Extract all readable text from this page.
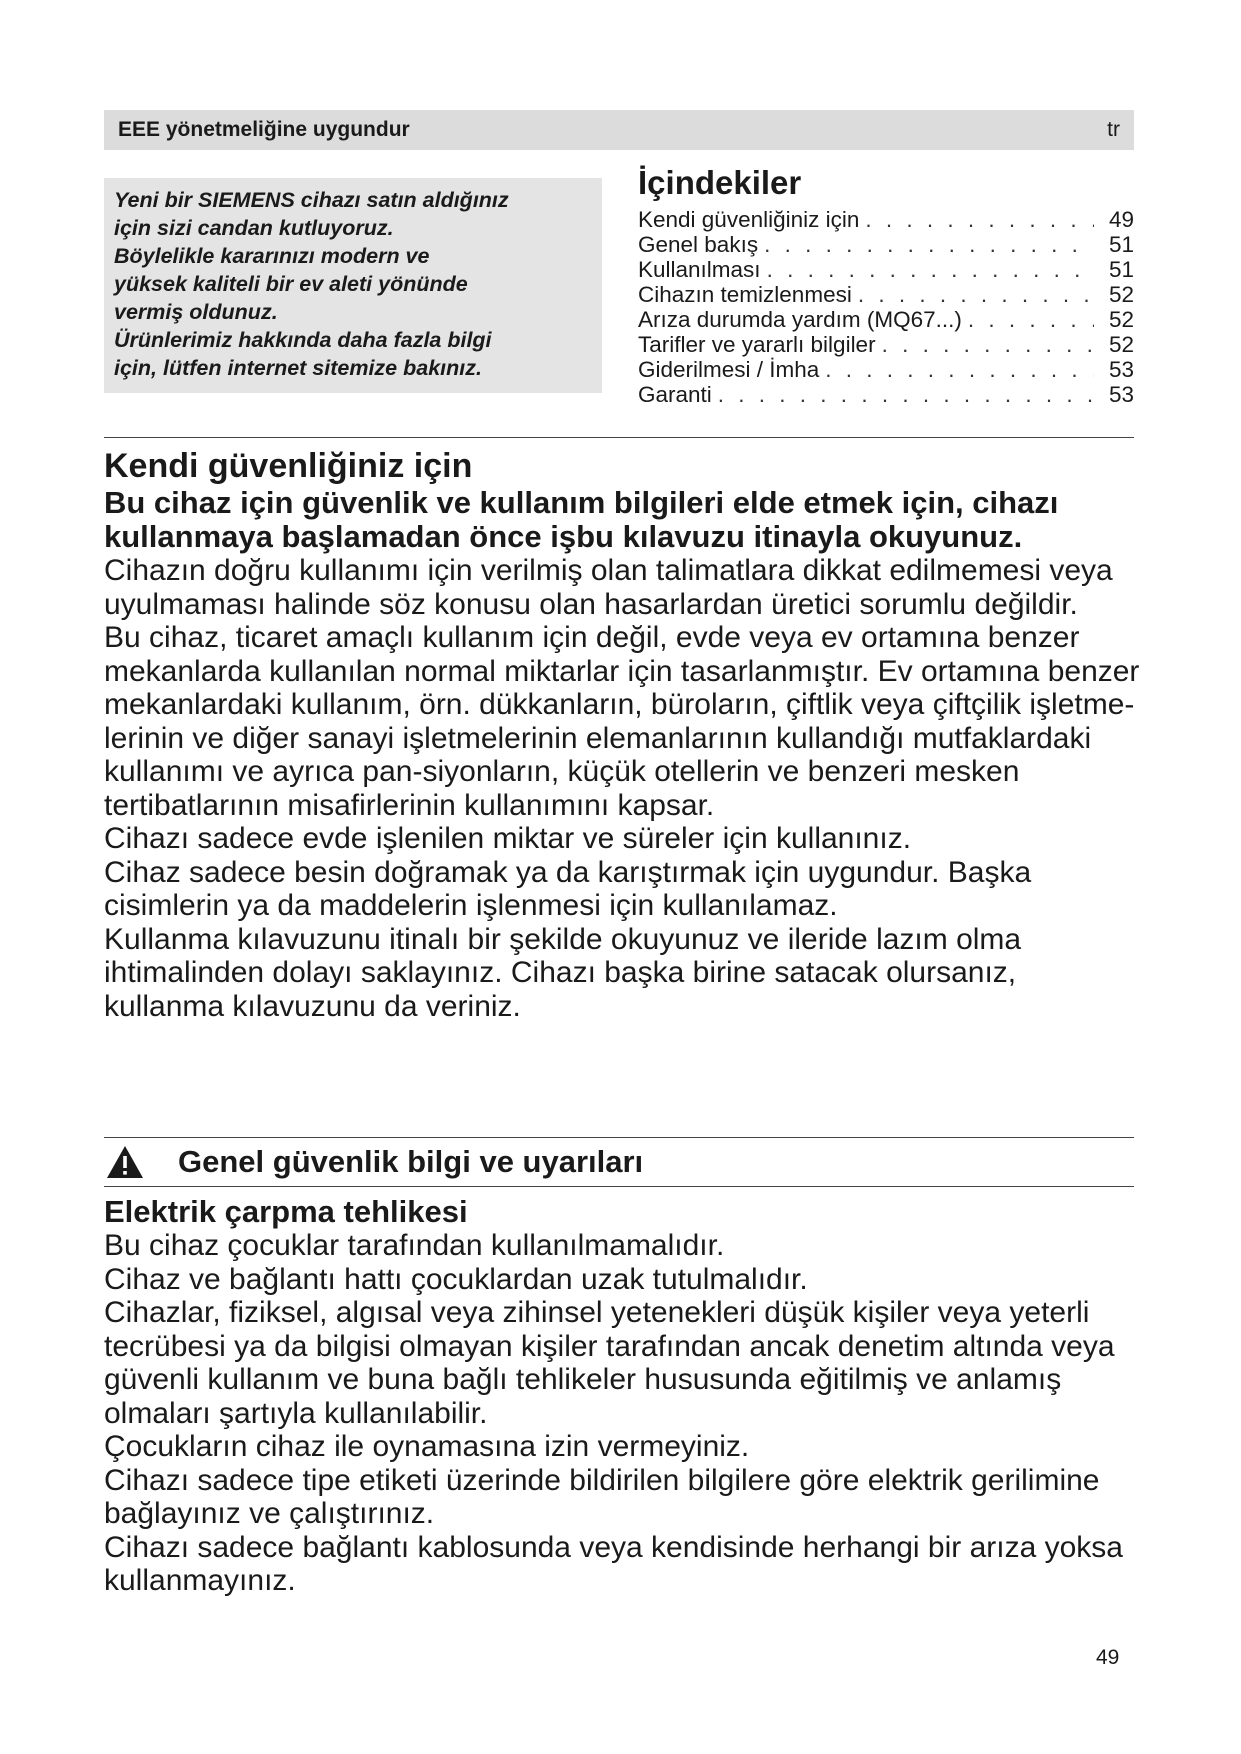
EEE yönetmeliğine uygundur	tr

Yeni bir SIEMENS cihazı satın aldığınız

için sizi candan kutluyoruz.

Böylelikle kararınızı modern ve

yüksek kaliteli bir ev aleti yönünde

vermiş oldunuz.

Ürünlerimiz hakkında daha fazla bilgi

için, lütfen internet sitemize bakınız.

İçindekiler
Kendi güvenliğiniz için . . .	49
Genel bakış . . .	51
Kullanılması . . .	51
Cihazın temizlenmesi . . .	52
Arıza durumda yardım (MQ67...) . . .	52
Tarifler ve yararlı bilgiler . . .	52
Giderilmesi / İmha . . .	53
Garanti . . .	53
Kendi güvenliğiniz için

Bu cihaz için güvenlik ve kullanım bilgileri elde etmek için, cihazı kullanmaya başlamadan önce işbu kılavuzu itinayla okuyunuz.

Cihazın doğru kullanımı için verilmiş olan talimatlara dikkat edilmemesi veya uyulmaması halinde söz konusu olan hasarlardan üretici sorumlu değildir.

Bu cihaz, ticaret amaçlı kullanım için değil, evde veya ev ortamına benzer mekanlarda kullanılan normal miktarlar için tasarlanmıştır. Ev ortamına benzer mekanlardaki kullanım, örn. dükkanların, büroların, çiftlik veya çiftçilik işletme-lerinin ve diğer sanayi işletmelerinin elemanlarının kullandığı mutfaklardaki kullanımı ve ayrıca pan-siyonların, küçük otellerin ve benzeri mesken tertibatlarının misafirlerinin kullanımını kapsar.

Cihazı sadece evde işlenilen miktar ve süreler için kullanınız.

Cihaz sadece besin doğramak ya da karıştırmak için uygundur. Başka cisimlerin ya da maddelerin işlenmesi için kullanılamaz.

Kullanma kılavuzunu itinalı bir şekilde okuyunuz ve ileride lazım olma ihtimalinden dolayı saklayınız. Cihazı başka birine satacak olursanız, kullanma kılavuzunu da veriniz.

Genel güvenlik bilgi ve uyarıları
Elektrik çarpma tehlikesi

Bu cihaz çocuklar tarafından kullanılmamalıdır.

Cihaz ve bağlantı hattı çocuklardan uzak tutulmalıdır.

Cihazlar, fiziksel, algısal veya zihinsel yetenekleri düşük kişiler veya yeterli tecrübesi ya da bilgisi olmayan kişiler tarafından ancak denetim altında veya güvenli kullanım ve buna bağlı tehlikeler hususunda eğitilmiş ve anlamış olmaları şartıyla kullanılabilir.

Çocukların cihaz ile oynamasına izin vermeyiniz.

Cihazı sadece tipe etiketi üzerinde bildirilen bilgilere göre elektrik gerilimine bağlayınız ve çalıştırınız.

Cihazı sadece bağlantı kablosunda veya kendisinde herhangi bir arıza yoksa kullanmayınız.

49
